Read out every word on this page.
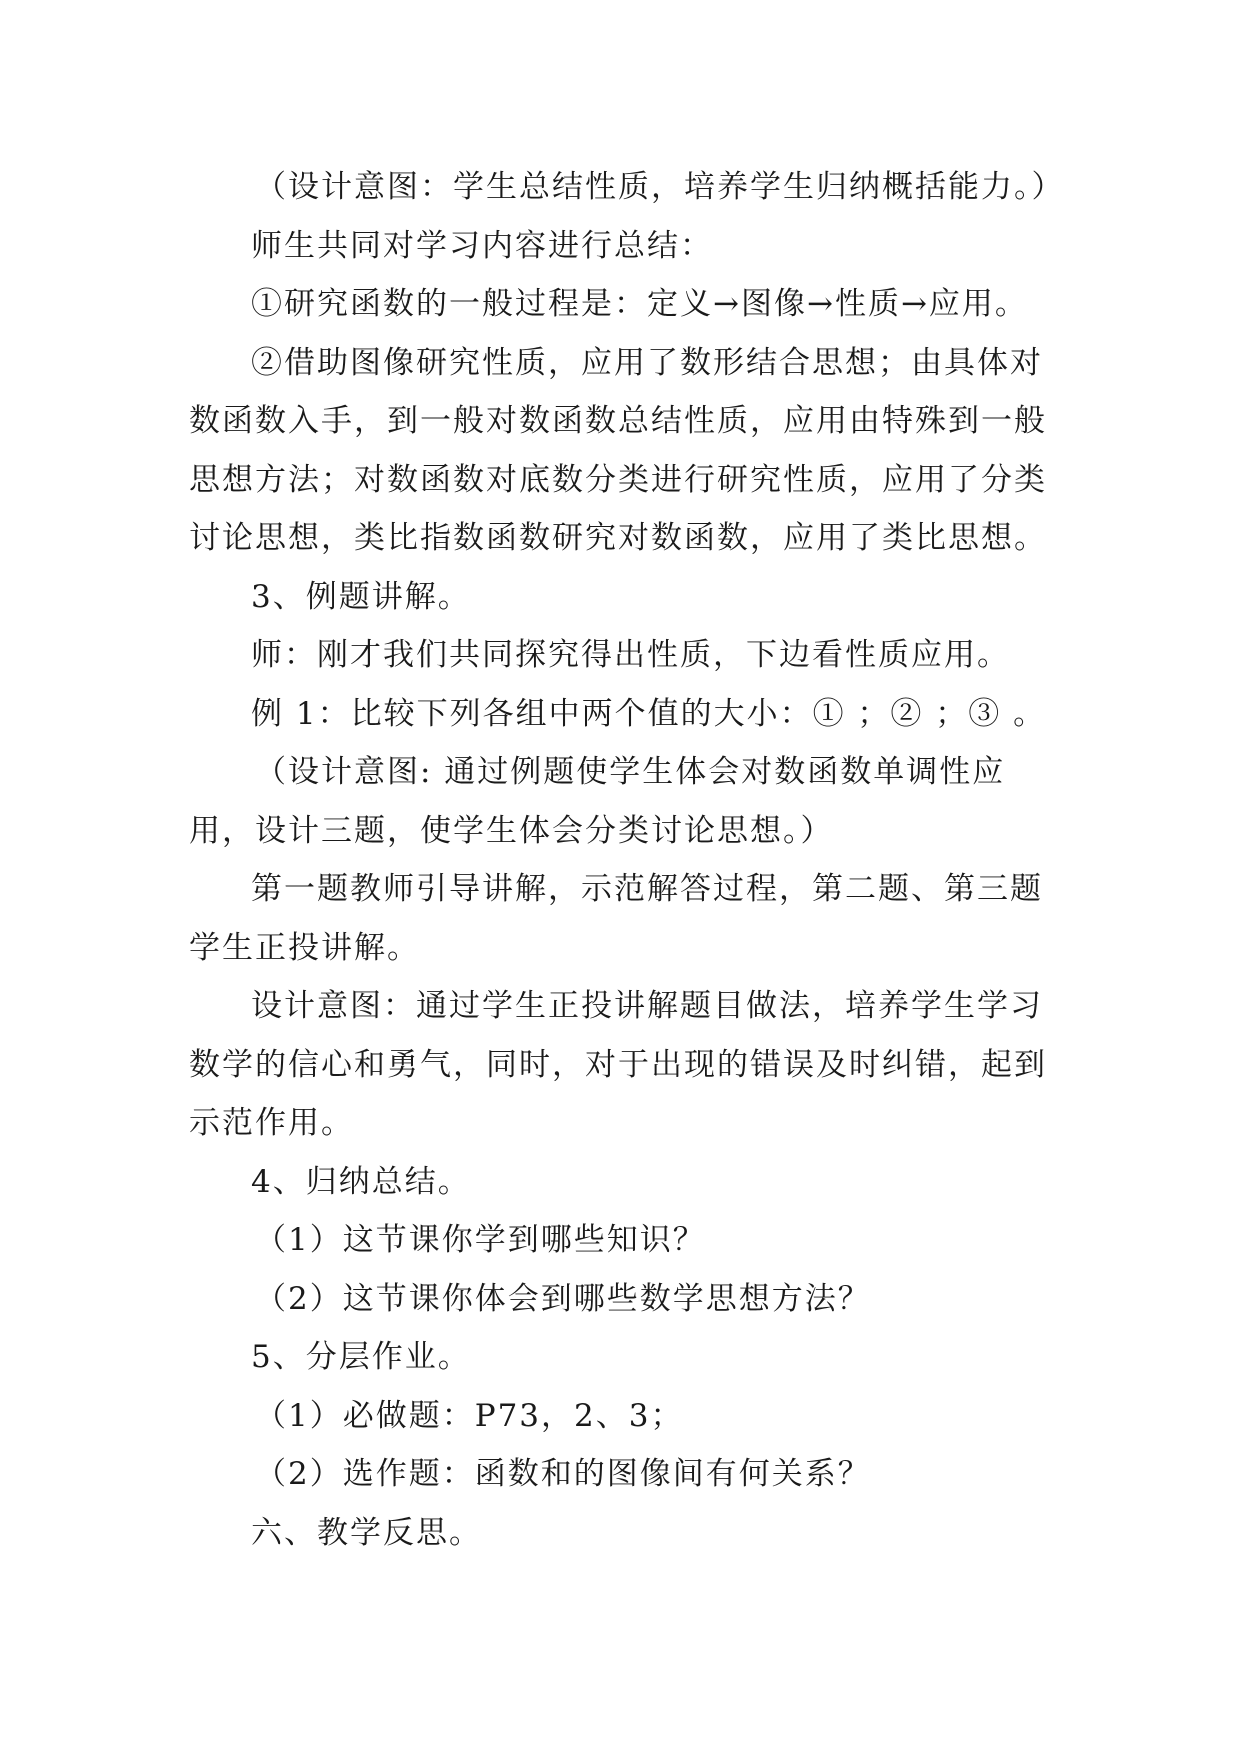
（设计意图：学生总结性质，培养学生归纳概括能力。）

师生共同对学习内容进行总结：

①研究函数的一般过程是：定义→图像→性质→应用。

②借助图像研究性质，应用了数形结合思想；由具体对数函数入手，到一般对数函数总结性质，应用由特殊到一般思想方法；对数函数对底数分类进行研究性质，应用了分类讨论思想，类比指数函数研究对数函数，应用了类比思想。

3、例题讲解。

师：刚才我们共同探究得出性质，下边看性质应用。

例 1：比较下列各组中两个值的大小：① ；② ；③ 。

（设计意图: 通过例题使学生体会对数函数单调性应用，设计三题，使学生体会分类讨论思想。）

第一题教师引导讲解，示范解答过程，第二题、第三题学生正投讲解。

设计意图：通过学生正投讲解题目做法，培养学生学习数学的信心和勇气，同时，对于出现的错误及时纠错，起到示范作用。

4、归纳总结。

（1）这节课你学到哪些知识？

（2）这节课你体会到哪些数学思想方法？

5、分层作业。

（1）必做题：P73，2、3；

（2）选作题：函数和的图像间有何关系？

六、教学反思。
